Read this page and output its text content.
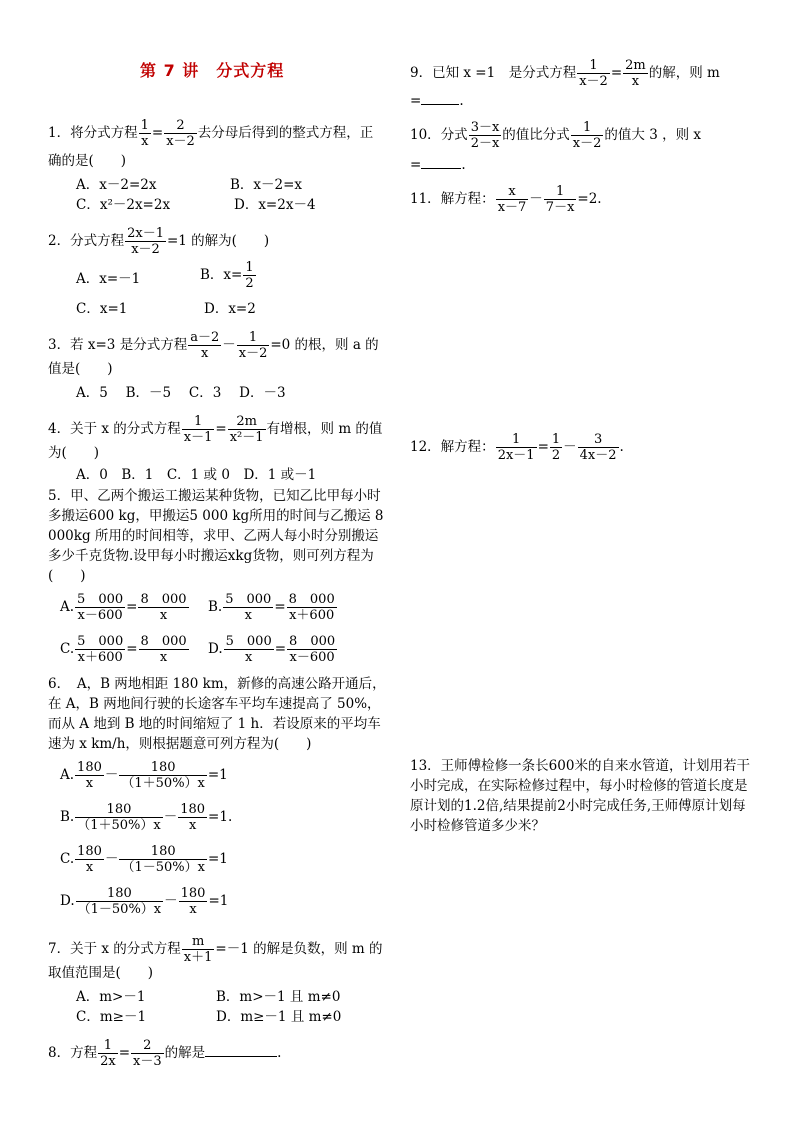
第 7 讲　分式方程
1．将分式方程 $\frac{1}{x} = \frac{2}{x-2}$ 去分母后得到的整式方程，正
确的是(　　)
A．x－2=2x	B．x－2=x
C．x²－2x=2x	D．x=2x－4
2．分式方程 $\frac{2x-1}{x-2} =1$ 的解为(　　)
A．x=－1	B．$x= \frac{1}{2}$
C．x=1	D．x=2
3．若 x=3 是分式方程 $\frac{a-2}{x} - \frac{1}{x-2} =0$ 的根，则 a 的
值是(　　)
A．5　 B．－5　 C．3　 D．－3
4．关于 x 的分式方程 $\frac{1}{x-1} = \frac{2m}{\text{x²－1}}$ 有增根，则 m 的值
为(　　)
A．0　B．1　C．1 或 0　D．1 或－1
5．甲、乙两个搬运工搬运某种货物，已知乙比甲每小时多搬运600 kg，甲搬运5 000 kg所用的时间与乙搬运 8 000kg 所用的时间相等，求甲、乙两人每小时分别搬运多少千克货物.设甲每小时搬运xkg货物，则可列方程为(　　)
A. $\frac{5 000}{x-600} = \frac{8 000}{x} B$. $\frac{5 000}{x} = \frac{8 000}{x+600}$
C. $\frac{5 000}{x+600} = \frac{8 000}{x} D$. $\frac{5 000}{x} = \frac{8 000}{x-600}$
6．　A，B 两地相距 180 km，新修的高速公路开通后，在 A，B 两地间行驶的长途客车平均车速提高了 50%，而从 A 地到 B 地的时间缩短了 1 h．若设原来的平均车速为 x km/h，则根据题意可列方程为(　　)
A. $\frac{180}{x} - \frac{180}{(1+50\%)x} =1$
B. $\frac{180}{(1+50\%)x} - \frac{180}{x} =1$.
C. $\frac{180}{x} - \frac{180}{(1-50\%)x} =1$
D. $\frac{180}{(1-50\%)x} - \frac{180}{x} =1$
7．关于 x 的分式方程 $\frac{m}{x+1} =-1$ 的解是负数，则 m 的
取值范围是(　　)
A．m>－1	B．m>－1 且 m≠0
C．m≥－1	D．m≥－1 且 m≠0
8．方程 $\frac{1}{2x} = \frac{2}{x-3}$ 的解是	.
9．已知 x =1　是分式方程 $\frac{1}{x-2} = \frac{2m}{x}$ 的解，则 m
=	.
10．分式 $\frac{3-x}{2-x}$ 的值比分式 $\frac{1}{x-2}$ 的值大 3 ，则 x
=	.
11．解方程： $\frac{x}{x-7} - \frac{1}{7-x} =2$.
12．解方程： $\frac{1}{2x-1} = \frac{1}{2} - \frac{3}{4x-2}$ .
13．王师傅检修一条长600米的自来水管道，计划用若干小时完成，在实际检修过程中，每小时检修的管道长度是原计划的1.2倍,结果提前2小时完成任务,王师傅原计划每小时检修管道多少米？
